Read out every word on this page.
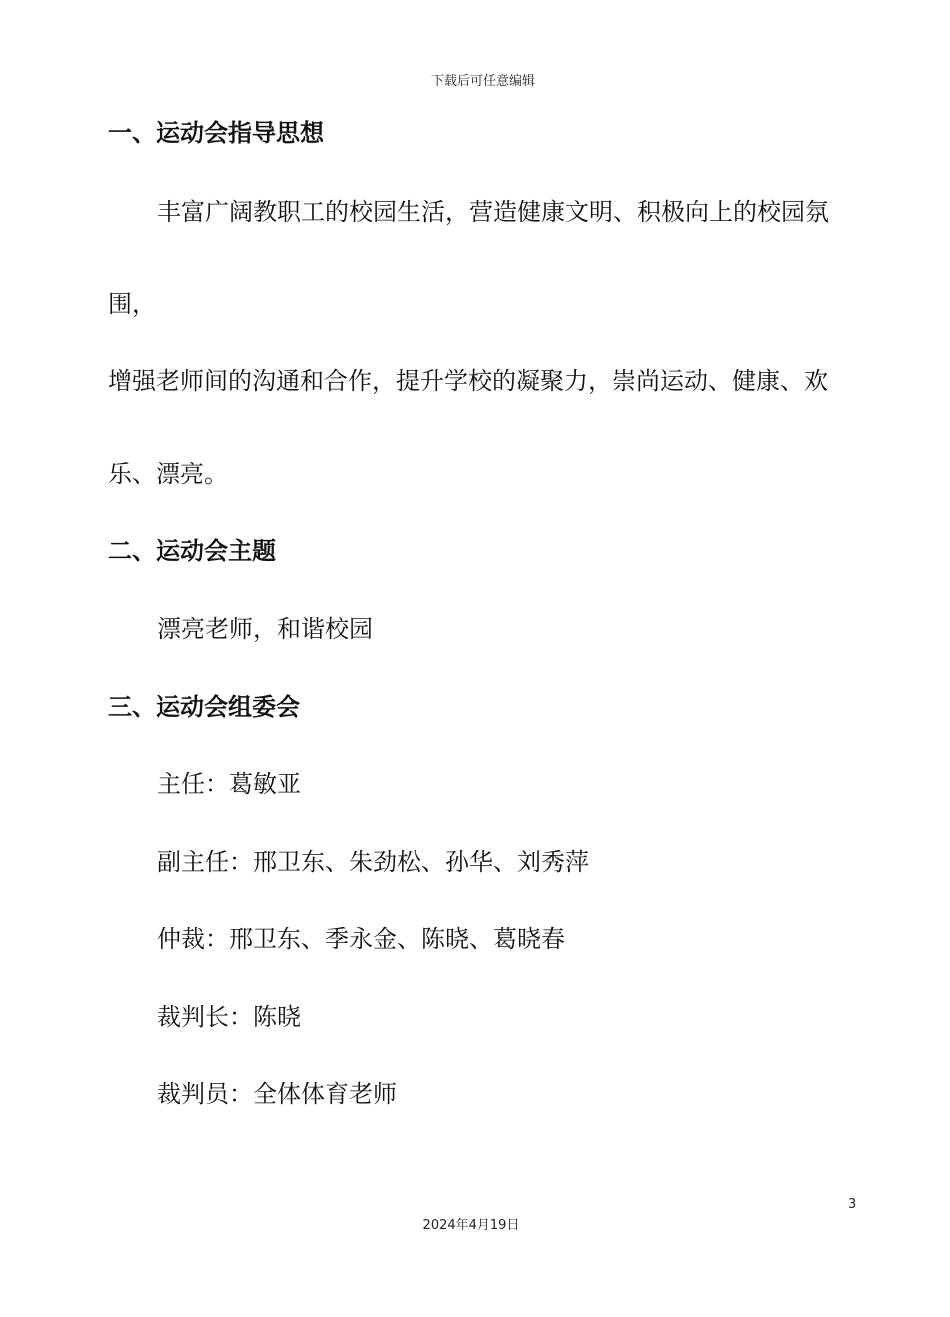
下载后可任意编辑
一、运动会指导思想
丰富广阔教职工的校园生活，营造健康文明、积极向上的校园氛
围，
增强老师间的沟通和合作，提升学校的凝聚力，崇尚运动、健康、欢
乐、漂亮。
二、运动会主题
漂亮老师，和谐校园
三、运动会组委会
主任：葛敏亚
副主任：邢卫东、朱劲松、孙华、刘秀萍
仲裁：邢卫东、季永金、陈晓、葛晓春
裁判长：陈晓
裁判员：全体体育老师
3
2024年4月19日
